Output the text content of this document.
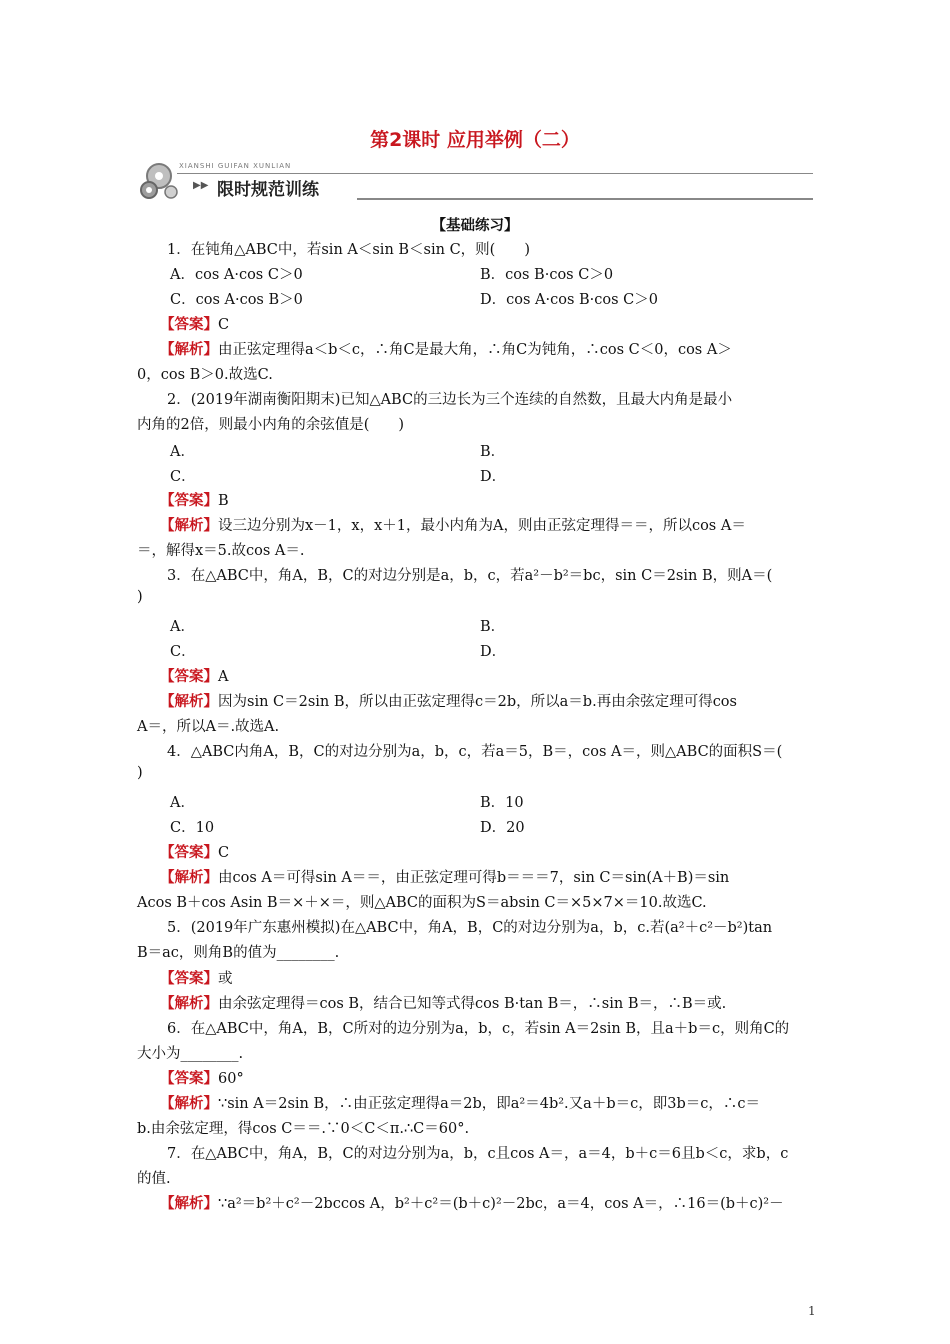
第2课时 应用举例（二）
XIANSHI GUIFAN XUNLIAN
▶▶ 限时规范训练
【基础练习】
1．在钝角△ABC中，若sin A＜sin B＜sin C，则(　　)
A．cos A·cos C＞0	B．cos B·cos C＞0
C．cos A·cos B＞0	D．cos A·cos B·cos C＞0
【答案】C
【解析】由正弦定理得a＜b＜c，∴角C是最大角，∴角C为钝角，∴cos C＜0，cos A＞
0，cos B＞0.故选C.
2．(2019年湖南衡阳期末)已知△ABC的三边长为三个连续的自然数，且最大内角是最小
内角的2倍，则最小内角的余弦值是(　　)
A．	B．
C．	D．
【答案】B
【解析】设三边分别为x－1，x，x＋1，最小内角为A，则由正弦定理得＝＝，所以cos A＝
＝，解得x＝5.故cos A＝.
3．在△ABC中，角A，B，C的对边分别是a，b，c，若a²－b²＝bc，sin C＝2sin B，则A＝(
)
A．	B．
C．	D．
【答案】A
【解析】因为sin C＝2sin B，所以由正弦定理得c＝2b，所以a＝b.再由余弦定理可得cos
A＝，所以A＝.故选A.
4．△ABC内角A，B，C的对边分别为a，b，c，若a＝5，B＝，cos A＝，则△ABC的面积S＝(
)
A．	B．10
C．10	D．20
【答案】C
【解析】由cos A＝可得sin A＝＝，由正弦定理可得b＝＝＝7，sin C＝sin(A＋B)＝sin
Acos B＋cos Asin B＝×＋×＝，则△ABC的面积为S＝absin C＝×5×7×＝10.故选C.
5．(2019年广东惠州模拟)在△ABC中，角A，B，C的对边分别为a，b，c.若(a²＋c²－b²)tan
B＝ac，则角B的值为________.
【答案】或
【解析】由余弦定理得＝cos B，结合已知等式得cos B·tan B＝，∴sin B＝，∴B＝或.
6．在△ABC中，角A，B，C所对的边分别为a，b，c，若sin A＝2sin B，且a＋b＝c，则角C的
大小为________.
【答案】60°
【解析】∵sin A＝2sin B，∴由正弦定理得a＝2b，即a²＝4b².又a＋b＝c，即3b＝c，∴c＝
b.由余弦定理，得cos C＝＝.∵0＜C＜π.∴C＝60°.
7．在△ABC中，角A，B，C的对边分别为a，b，c且cos A＝，a＝4，b＋c＝6且b＜c，求b，c
的值.
【解析】∵a²＝b²＋c²－2bccos A，b²＋c²＝(b＋c)²－2bc，a＝4，cos A＝，∴16＝(b＋c)²－
1
